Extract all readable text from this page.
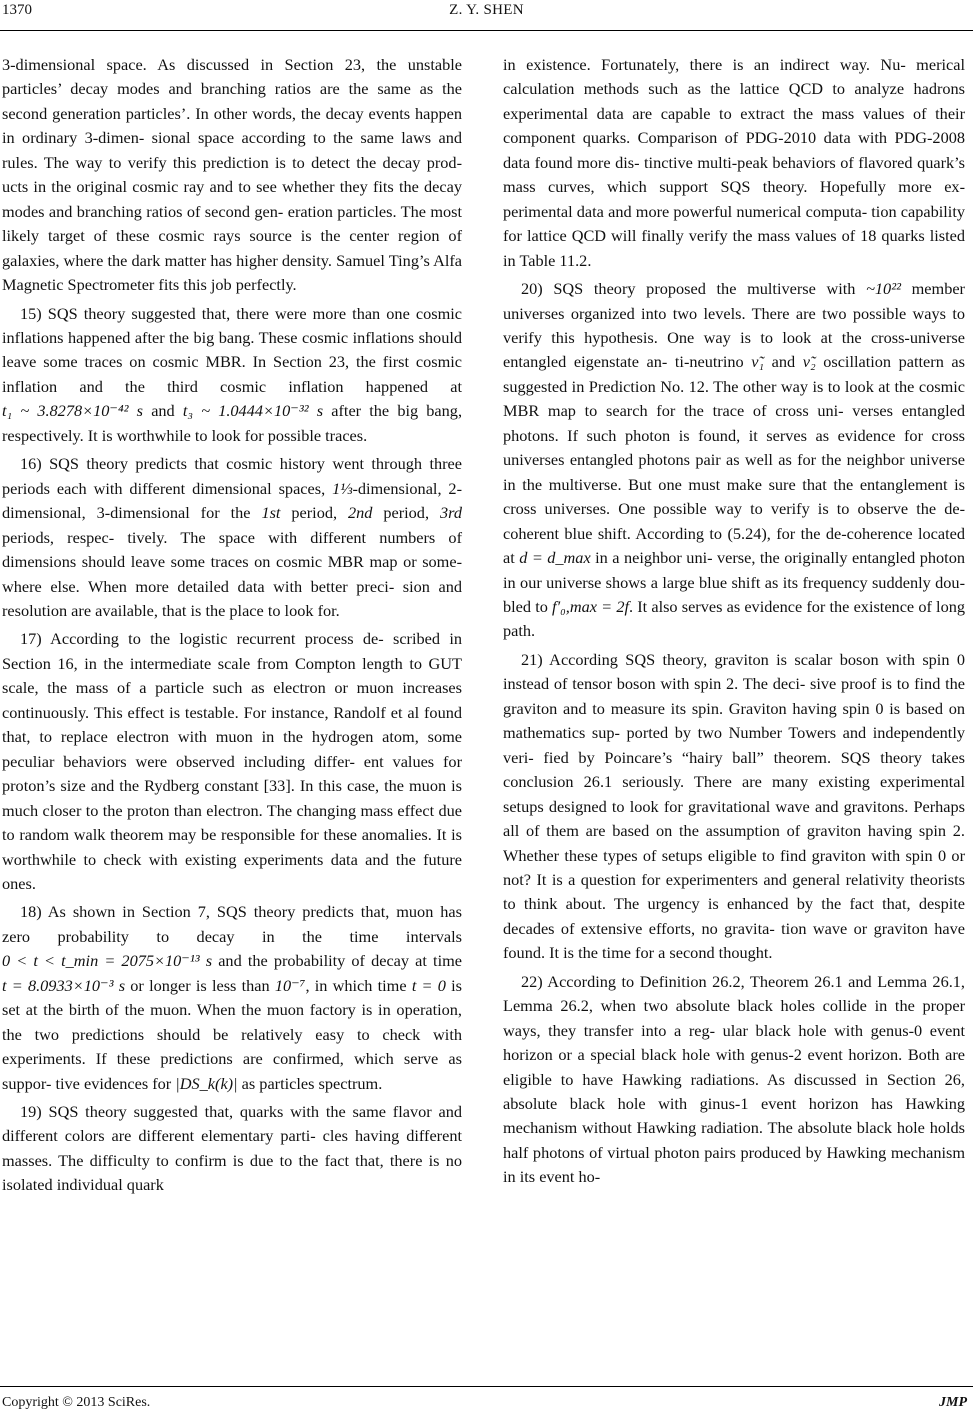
1370	Z. Y. SHEN

3-dimensional space. As discussed in Section 23, the unstable particles’ decay modes and branching ratios are the same as the second generation particles’. In other words, the decay events happen in ordinary 3-dimen- sional space according to the same laws and rules. The way to verify this prediction is to detect the decay prod- ucts in the original cosmic ray and to see whether they fits the decay modes and branching ratios of second gen- eration particles. The most likely target of these cosmic rays source is the center region of galaxies, where the dark matter has higher density. Samuel Ting’s Alfa Magnetic Spectrometer fits this job perfectly.

15) SQS theory suggested that, there were more than one cosmic inflations happened after the big bang. These cosmic inflations should leave some traces on cosmic MBR. In Section 23, the first cosmic inflation and the third cosmic inflation happened at t₁ ~ 3.8278×10⁻⁴² s and t₃ ~ 1.0444×10⁻³² s after the big bang, respectively. It is worthwhile to look for possible traces.

16) SQS theory predicts that cosmic history went through three periods each with different dimensional spaces, 1⅓-dimensional, 2-dimensional, 3-dimensional for the 1st period, 2nd period, 3rd periods, respec- tively. The space with different numbers of dimensions should leave some traces on cosmic MBR map or some- where else. When more detailed data with better preci- sion and resolution are available, that is the place to look for.

17) According to the logistic recurrent process de- scribed in Section 16, in the intermediate scale from Compton length to GUT scale, the mass of a particle such as electron or muon increases continuously. This effect is testable. For instance, Randolf et al found that, to replace electron with muon in the hydrogen atom, some peculiar behaviors were observed including differ- ent values for proton’s size and the Rydberg constant [33]. In this case, the muon is much closer to the proton than electron. The changing mass effect due to random walk theorem may be responsible for these anomalies. It is worthwhile to check with existing experiments data and the future ones.

18) As shown in Section 7, SQS theory predicts that, muon has zero probability to decay in the time intervals 0 < t < t_min = 2075×10⁻¹³ s and the probability of decay at time t = 8.0933×10⁻³ s or longer is less than 10⁻⁷, in which time t = 0 is set at the birth of the muon. When the muon factory is in operation, the two predictions should be relatively easy to check with experiments. If these predictions are confirmed, which serve as suppor- tive evidences for |DS_k(k)| as particles spectrum.

19) SQS theory suggested that, quarks with the same flavor and different colors are different elementary parti- cles having different masses. The difficulty to confirm is due to the fact that, there is no isolated individual quark

in existence. Fortunately, there is an indirect way. Nu- merical calculation methods such as the lattice QCD to analyze hadrons experimental data are capable to extract the mass values of their component quarks. Comparison of PDG-2010 data with PDG-2008 data found more dis- tinctive multi-peak behaviors of flavored quark’s mass curves, which support SQS theory. Hopefully more ex- perimental data and more powerful numerical computa- tion capability for lattice QCD will finally verify the mass values of 18 quarks listed in Table 11.2.

20) SQS theory proposed the multiverse with ~10²² member universes organized into two levels. There are two possible ways to verify this hypothesis. One way is to look at the cross-universe entangled eigenstate an- ti-neutrino ν̃₁ and ν̃₂ oscillation pattern as suggested in Prediction No. 12. The other way is to look at the cosmic MBR map to search for the trace of cross uni- verses entangled photons. If such photon is found, it serves as evidence for cross universes entangled photons pair as well as for the neighbor universe in the multiverse. But one must make sure that the entanglement is cross universes. One possible way to verify is to observe the de-coherent blue shift. According to (5.24), for the de-coherence located at d = d_max in a neighbor uni- verse, the originally entangled photon in our universe shows a large blue shift as its frequency suddenly dou- bled to f′₀,max = 2f. It also serves as evidence for the existence of long path.

21) According SQS theory, graviton is scalar boson with spin 0 instead of tensor boson with spin 2. The deci- sive proof is to find the graviton and to measure its spin. Graviton having spin 0 is based on mathematics sup- ported by two Number Towers and independently veri- fied by Poincare’s “hairy ball” theorem. SQS theory takes conclusion 26.1 seriously. There are many existing experimental setups designed to look for gravitational wave and gravitons. Perhaps all of them are based on the assumption of graviton having spin 2. Whether these types of setups eligible to find graviton with spin 0 or not? It is a question for experimenters and general relativity theorists to think about. The urgency is enhanced by the fact that, despite decades of extensive efforts, no gravita- tion wave or graviton have found. It is the time for a second thought.

22) According to Definition 26.2, Theorem 26.1 and Lemma 26.1, Lemma 26.2, when two absolute black holes collide in the proper ways, they transfer into a reg- ular black hole with genus-0 event horizon or a special black hole with genus-2 event horizon. Both are eligible to have Hawking radiations. As discussed in Section 26, absolute black hole with ginus-1 event horizon has Hawking mechanism without Hawking radiation. The absolute black hole holds half photons of virtual photon pairs produced by Hawking mechanism in its event ho-

Copyright © 2013 SciRes.	JMP
